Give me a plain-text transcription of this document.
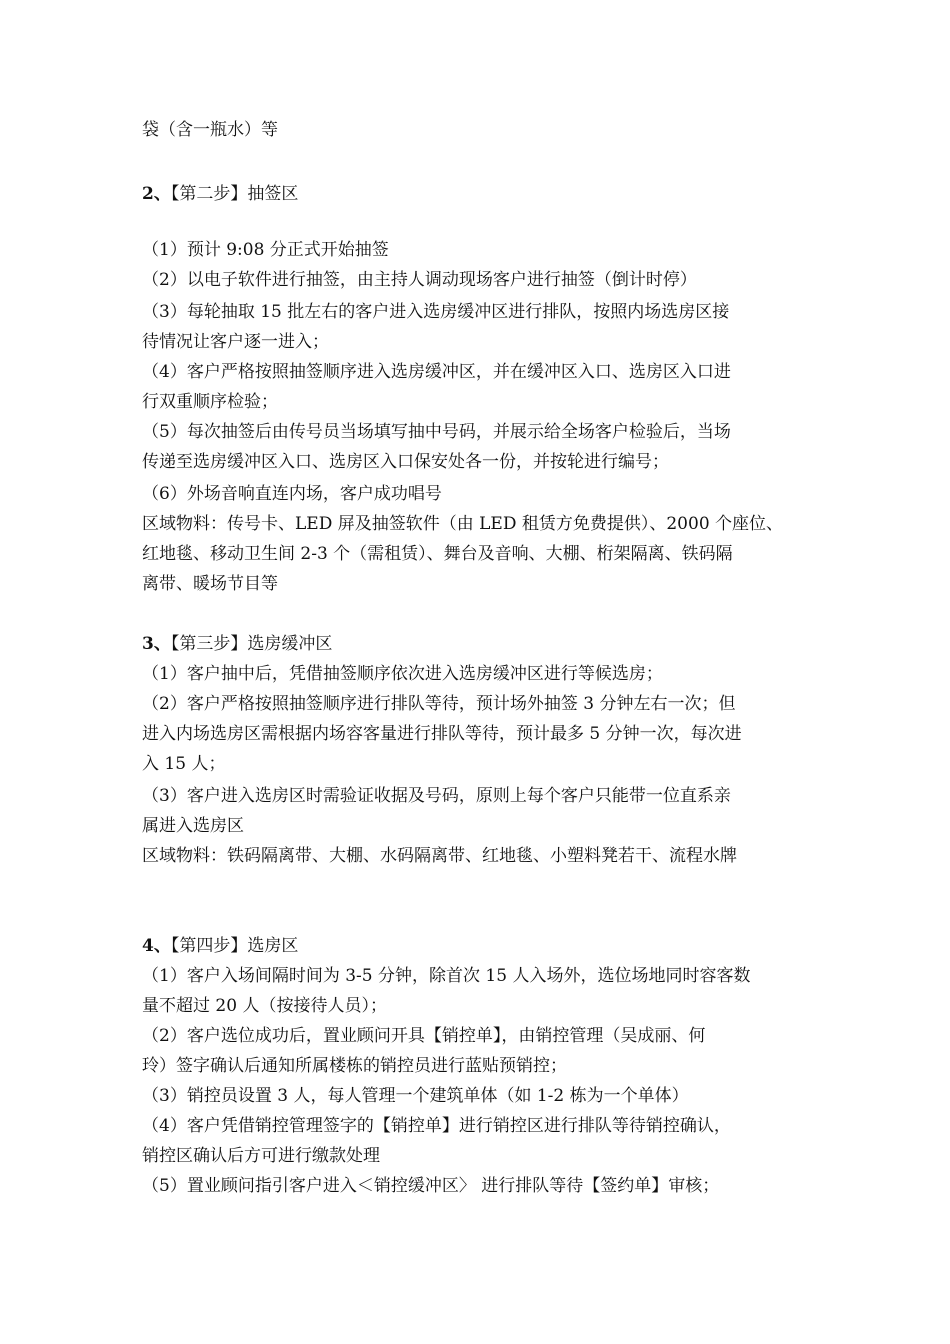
袋（含一瓶水）等
2、【第二步】抽签区
（1）预计 9:08 分正式开始抽签
（2）以电子软件进行抽签，由主持人调动现场客户进行抽签（倒计时停）
（3）每轮抽取 15 批左右的客户进入选房缓冲区进行排队，按照内场选房区接
待情况让客户逐一进入；
（4）客户严格按照抽签顺序进入选房缓冲区，并在缓冲区入口、选房区入口进
行双重顺序检验；
（5）每次抽签后由传号员当场填写抽中号码，并展示给全场客户检验后，当场
传递至选房缓冲区入口、选房区入口保安处各一份，并按轮进行编号；
（6）外场音响直连内场，客户成功唱号
区域物料：传号卡、LED 屏及抽签软件（由 LED 租赁方免费提供）、2000 个座位、
红地毯、移动卫生间 2-3 个（需租赁）、舞台及音响、大棚、桁架隔离、铁码隔
离带、暖场节目等
3、【第三步】选房缓冲区
（1）客户抽中后，凭借抽签顺序依次进入选房缓冲区进行等候选房；
（2）客户严格按照抽签顺序进行排队等待，预计场外抽签 3 分钟左右一次；但
进入内场选房区需根据内场容客量进行排队等待，预计最多 5 分钟一次，每次进
入 15 人；
（3）客户进入选房区时需验证收据及号码，原则上每个客户只能带一位直系亲
属进入选房区
区域物料：铁码隔离带、大棚、水码隔离带、红地毯、小塑料凳若干、流程水牌
4、【第四步】选房区
（1）客户入场间隔时间为 3-5 分钟，除首次 15 人入场外，选位场地同时容客数
量不超过 20 人（按接待人员）；
（2）客户选位成功后，置业顾问开具【销控单】，由销控管理（吴成丽、何
玲）签字确认后通知所属楼栋的销控员进行蓝贴预销控；
（3）销控员设置 3 人，每人管理一个建筑单体（如 1-2 栋为一个单体）
（4）客户凭借销控管理签字的【销控单】进行销控区进行排队等待销控确认，
销控区确认后方可进行缴款处理
（5）置业顾问指引客户进入＜销控缓冲区〉 进行排队等待【签约单】审核；
